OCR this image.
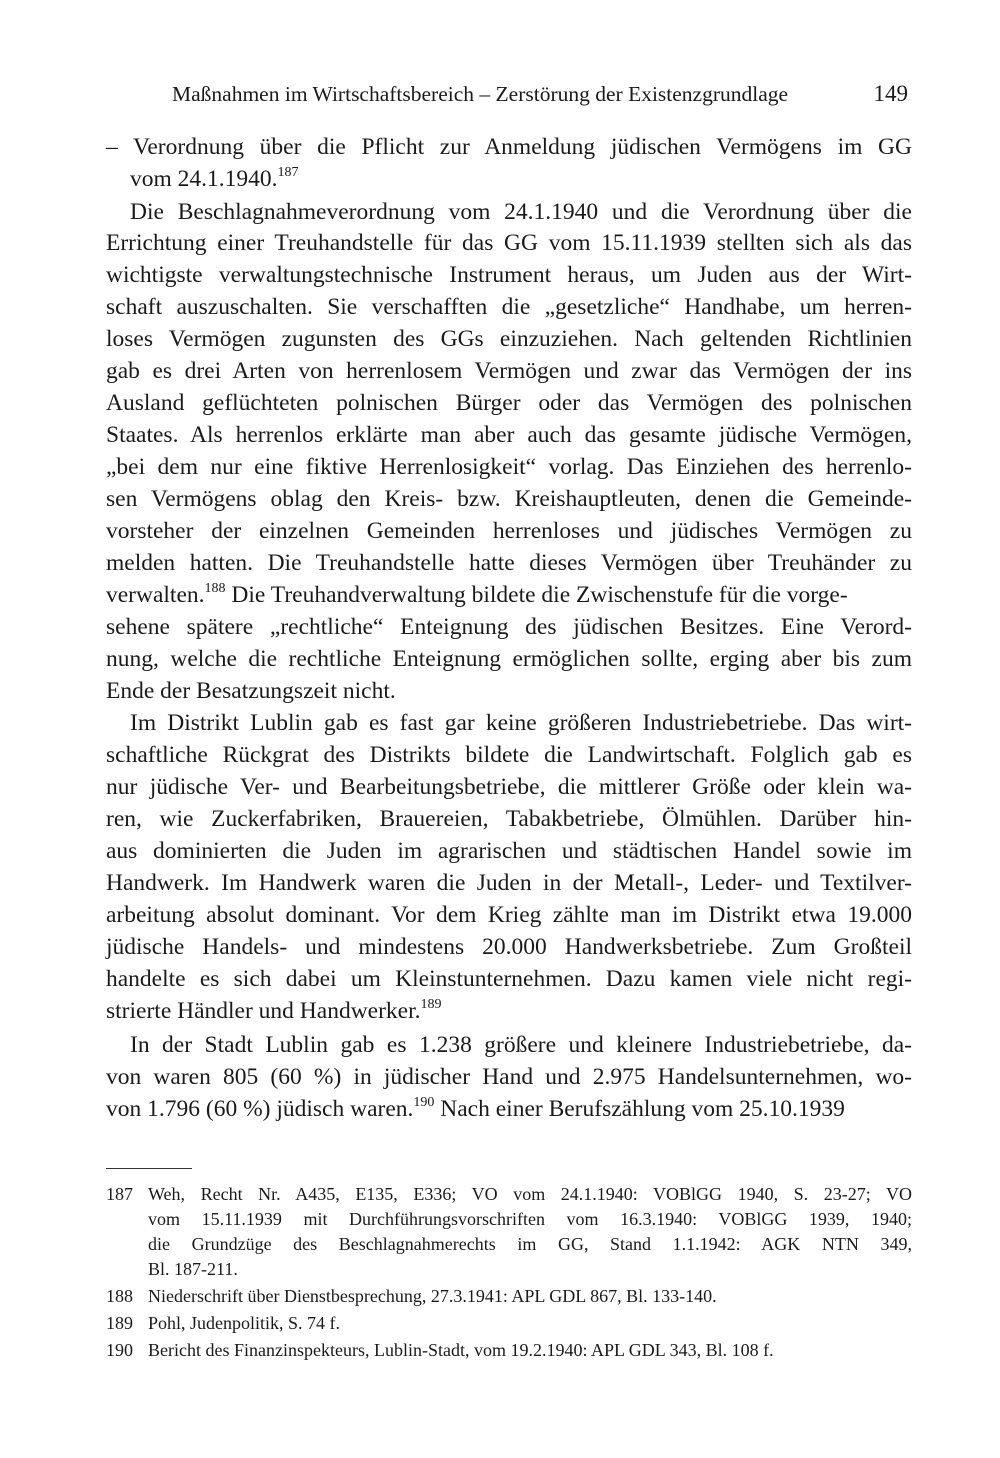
Maßnahmen im Wirtschaftsbereich – Zerstörung der Existenzgrundlage	149
– Verordnung über die Pflicht zur Anmeldung jüdischen Vermögens im GG
vom 24.1.1940.$^{187}$
Die Beschlagnahmeverordnung vom 24.1.1940 und die Verordnung über die
Errichtung einer Treuhandstelle für das GG vom 15.11.1939 stellten sich als das
wichtigste verwaltungstechnische Instrument heraus, um Juden aus der Wirt-
schaft auszuschalten. Sie verschafften die „gesetzliche“ Handhabe, um herren-
loses Vermögen zugunsten des GGs einzuziehen. Nach geltenden Richtlinien
gab es drei Arten von herrenlosem Vermögen und zwar das Vermögen der ins
Ausland geflüchteten polnischen Bürger oder das Vermögen des polnischen
Staates. Als herrenlos erklärte man aber auch das gesamte jüdische Vermögen,
„bei dem nur eine fiktive Herrenlosigkeit“ vorlag. Das Einziehen des herrenlo-
sen Vermögens oblag den Kreis- bzw. Kreishauptleuten, denen die Gemeinde-
vorsteher der einzelnen Gemeinden herrenloses und jüdisches Vermögen zu
melden hatten. Die Treuhandstelle hatte dieses Vermögen über Treuhänder zu
verwalten.$^{188}$ Die Treuhandverwaltung bildete die Zwischenstufe für die vorge-
sehene spätere „rechtliche“ Enteignung des jüdischen Besitzes. Eine Verord-
nung, welche die rechtliche Enteignung ermöglichen sollte, erging aber bis zum
Ende der Besatzungszeit nicht.
Im Distrikt Lublin gab es fast gar keine größeren Industriebetriebe. Das wirt-
schaftliche Rückgrat des Distrikts bildete die Landwirtschaft. Folglich gab es
nur jüdische Ver- und Bearbeitungsbetriebe, die mittlerer Größe oder klein wa-
ren, wie Zuckerfabriken, Brauereien, Tabakbetriebe, Ölmühlen. Darüber hin-
aus dominierten die Juden im agrarischen und städtischen Handel sowie im
Handwerk. Im Handwerk waren die Juden in der Metall-, Leder- und Textilver-
arbeitung absolut dominant. Vor dem Krieg zählte man im Distrikt etwa 19.000
jüdische Handels- und mindestens 20.000 Handwerksbetriebe. Zum Großteil
handelte es sich dabei um Kleinstunternehmen. Dazu kamen viele nicht regi-
strierte Händler und Handwerker.$^{189}$
In der Stadt Lublin gab es 1.238 größere und kleinere Industriebetriebe, da-
von waren 805 (60 %) in jüdischer Hand und 2.975 Handelsunternehmen, wo-
von 1.796 (60 %) jüdisch waren.$^{190}$ Nach einer Berufszählung vom 25.10.1939
187 Weh, Recht Nr. A435, E135, E336; VO vom 24.1.1940: VOBlGG 1940, S. 23-27; VO
vom 15.11.1939 mit Durchführungsvorschriften vom 16.3.1940: VOBlGG 1939, 1940;
die Grundzüge des Beschlagnahmerechts im GG, Stand 1.1.1942: AGK NTN 349,
Bl. 187-211.
188 Niederschrift über Dienstbesprechung, 27.3.1941: APL GDL 867, Bl. 133-140.
189 Pohl, Judenpolitik, S. 74 f.
190 Bericht des Finanzinspekteurs, Lublin-Stadt, vom 19.2.1940: APL GDL 343, Bl. 108 f.
